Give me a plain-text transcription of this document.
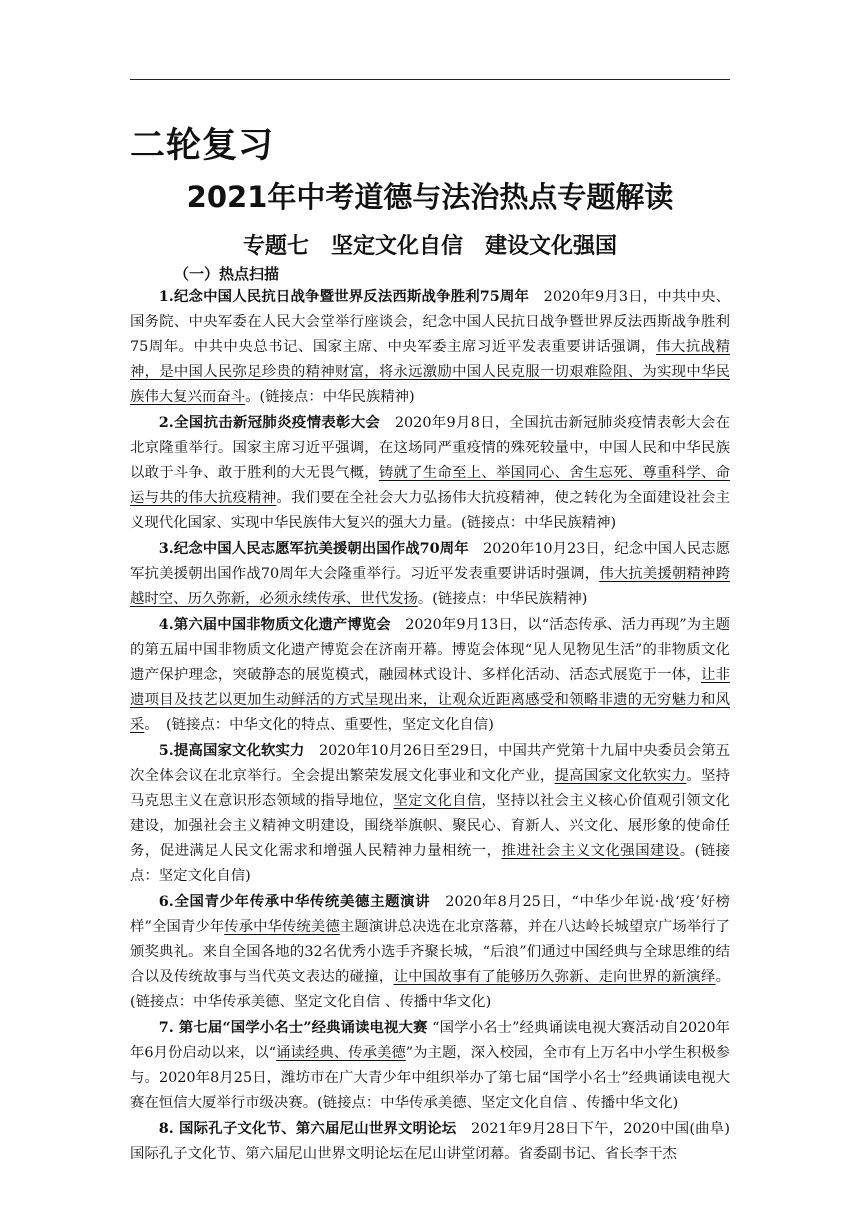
二轮复习
2021年中考道德与法治热点专题解读
专题七　坚定文化自信　建设文化强国
（一）热点扫描

1.纪念中国人民抗日战争暨世界反法西斯战争胜利75周年　2020年9月3日，中共中央、国务院、中央军委在人民大会堂举行座谈会，纪念中国人民抗日战争暨世界反法西斯战争胜利75周年。中共中央总书记、国家主席、中央军委主席习近平发表重要讲话强调，伟大抗战精神，是中国人民弥足珍贵的精神财富，将永远激励中国人民克服一切艰难险阻、为实现中华民族伟大复兴而奋斗。(链接点：中华民族精神)

2.全国抗击新冠肺炎疫情表彰大会　2020年9月8日，全国抗击新冠肺炎疫情表彰大会在北京隆重举行。国家主席习近平强调，在这场同严重疫情的殊死较量中，中国人民和中华民族以敢于斗争、敢于胜利的大无畏气概，铸就了生命至上、举国同心、舍生忘死、尊重科学、命运与共的伟大抗疫精神。我们要在全社会大力弘扬伟大抗疫精神，使之转化为全面建设社会主义现代化国家、实现中华民族伟大复兴的强大力量。(链接点：中华民族精神)

3.纪念中国人民志愿军抗美援朝出国作战70周年　2020年10月23日，纪念中国人民志愿军抗美援朝出国作战70周年大会隆重举行。习近平发表重要讲话时强调，伟大抗美援朝精神跨越时空、历久弥新，必须永续传承、世代发扬。(链接点：中华民族精神)

4.第六届中国非物质文化遗产博览会　2020年9月13日，以“活态传承、活力再现”为主题的第五届中国非物质文化遗产博览会在济南开幕。博览会体现“见人见物见生活”的非物质文化遗产保护理念，突破静态的展览模式，融园林式设计、多样化活动、活态式展览于一体，让非遗项目及技艺以更加生动鲜活的方式呈现出来，让观众近距离感受和领略非遗的无穷魅力和风采。　(链接点：中华文化的特点、重要性，坚定文化自信)

5.提高国家文化软实力　2020年10月26日至29日，中国共产党第十九届中央委员会第五次全体会议在北京举行。全会提出繁荣发展文化事业和文化产业，提高国家文化软实力。坚持马克思主义在意识形态领域的指导地位，坚定文化自信，坚持以社会主义核心价值观引领文化建设，加强社会主义精神文明建设，围绕举旗帜、聚民心、育新人、兴文化、展形象的使命任务，促进满足人民文化需求和增强人民精神力量相统一，推进社会主义文化强国建设。(链接点：坚定文化自信)

6.全国青少年传承中华传统美德主题演讲　2020年8月25日，“中华少年说·战‘疫’好榜样”全国青少年传承中华传统美德主题演讲总决选在北京落幕，并在八达岭长城望京广场举行了颁奖典礼。来自全国各地的32名优秀小选手齐聚长城，“后浪”们通过中国经典与全球思维的结合以及传统故事与当代英文表达的碰撞，让中国故事有了能够历久弥新、走向世界的新演绎。(链接点：中华传承美德、坚定文化自信 、传播中华文化)

7. 第七届“国学小名士”经典诵读电视大赛 “国学小名士”经典诵读电视大赛活动自2020年年6月份启动以来，以“诵读经典、传承美德”为主题，深入校园，全市有上万名中小学生积极参与。2020年8月25日，潍坊市在广大青少年中组织举办了第七届“国学小名士”经典诵读电视大赛在恒信大厦举行市级决赛。(链接点：中华传承美德、坚定文化自信 、传播中华文化)

8. 国际孔子文化节、第六届尼山世界文明论坛　2021年9月28日下午，2020中国(曲阜)国际孔子文化节、第六届尼山世界文明论坛在尼山讲堂闭幕。省委副书记、省长李干杰
